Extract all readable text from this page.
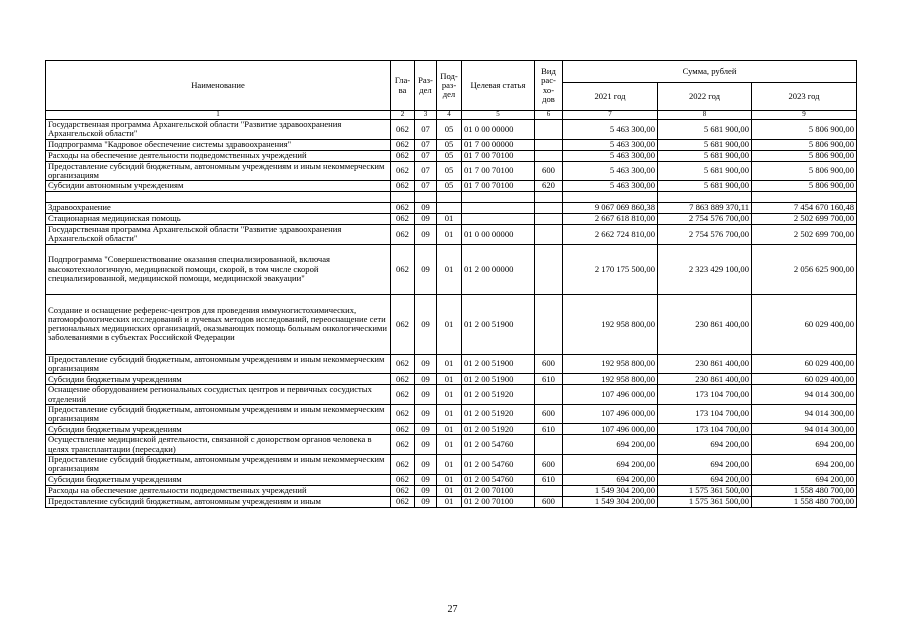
Наименование	Гла-ва	Раз-дел	Под-раз-дел	Целевая статья	Вид рас-хо-дов	Сумма, рублей		
						2021 год	2022 год	2023 год
1	2	3	4	5	6	7	8	9
Государственная программа Архангельской области "Развитие здравоохранения Архангельской области"	062	07	05	01 0 00 00000		5 463 300,00	5 681 900,00	5 806 900,00
Подпрограмма "Кадровое обеспечение системы здравоохранения"	062	07	05	01 7 00 00000		5 463 300,00	5 681 900,00	5 806 900,00
Расходы на обеспечение деятельности подведомственных учреждений	062	07	05	01 7 00 70100		5 463 300,00	5 681 900,00	5 806 900,00
Предоставление субсидий бюджетным, автономным учреждениям и иным некоммерческим организациям	062	07	05	01 7 00 70100	600	5 463 300,00	5 681 900,00	5 806 900,00
Субсидии автономным учреждениям	062	07	05	01 7 00 70100	620	5 463 300,00	5 681 900,00	5 806 900,00

Здравоохранение	062	09				9 067 069 860,38	7 863 889 370,11	7 454 670 160,48
Стационарная медицинская помощь	062	09	01			2 667 618 810,00	2 754 576 700,00	2 502 699 700,00
Государственная программа Архангельской области "Развитие здравоохранения Архангельской области"	062	09	01	01 0 00 00000		2 662 724 810,00	2 754 576 700,00	2 502 699 700,00
Подпрограмма "Совершенствование оказания специализированной, включая высокотехнологичную, медицинской помощи, скорой, в том числе скорой специализированной, медицинской помощи, медицинской эвакуации"	062	09	01	01 2 00 00000		2 170 175 500,00	2 323 429 100,00	2 056 625 900,00
Создание и оснащение референс-центров для проведения иммуногистохимических, патоморфологических исследований и лучевых методов исследований, переоснащение сети региональных медицинских организаций, оказывающих помощь больным онкологическими заболеваниями в субъектах Российской Федерации	062	09	01	01 2 00 51900		192 958 800,00	230 861 400,00	60 029 400,00
Предоставление субсидий бюджетным, автономным учреждениям и иным некоммерческим организациям	062	09	01	01 2 00 51900	600	192 958 800,00	230 861 400,00	60 029 400,00
Субсидии бюджетным учреждениям	062	09	01	01 2 00 51900	610	192 958 800,00	230 861 400,00	60 029 400,00
Оснащение оборудованием региональных сосудистых центров и первичных сосудистых отделений	062	09	01	01 2 00 51920		107 496 000,00	173 104 700,00	94 014 300,00
Предоставление субсидий бюджетным, автономным учреждениям и иным некоммерческим организациям	062	09	01	01 2 00 51920	600	107 496 000,00	173 104 700,00	94 014 300,00
Субсидии бюджетным учреждениям	062	09	01	01 2 00 51920	610	107 496 000,00	173 104 700,00	94 014 300,00
Осуществление медицинской деятельности, связанной с донорством органов человека в целях трансплантации (пересадки)	062	09	01	01 2 00 54760		694 200,00	694 200,00	694 200,00
Предоставление субсидий бюджетным, автономным учреждениям и иным некоммерческим организациям	062	09	01	01 2 00 54760	600	694 200,00	694 200,00	694 200,00
Субсидии бюджетным учреждениям	062	09	01	01 2 00 54760	610	694 200,00	694 200,00	694 200,00
Расходы на обеспечение деятельности подведомственных учреждений	062	09	01	01 2 00 70100		1 549 304 200,00	1 575 361 500,00	1 558 480 700,00
Предоставление субсидий бюджетным, автономным учреждениям и иным	062	09	01	01 2 00 70100	600	1 549 304 200,00	1 575 361 500,00	1 558 480 700,00
27
